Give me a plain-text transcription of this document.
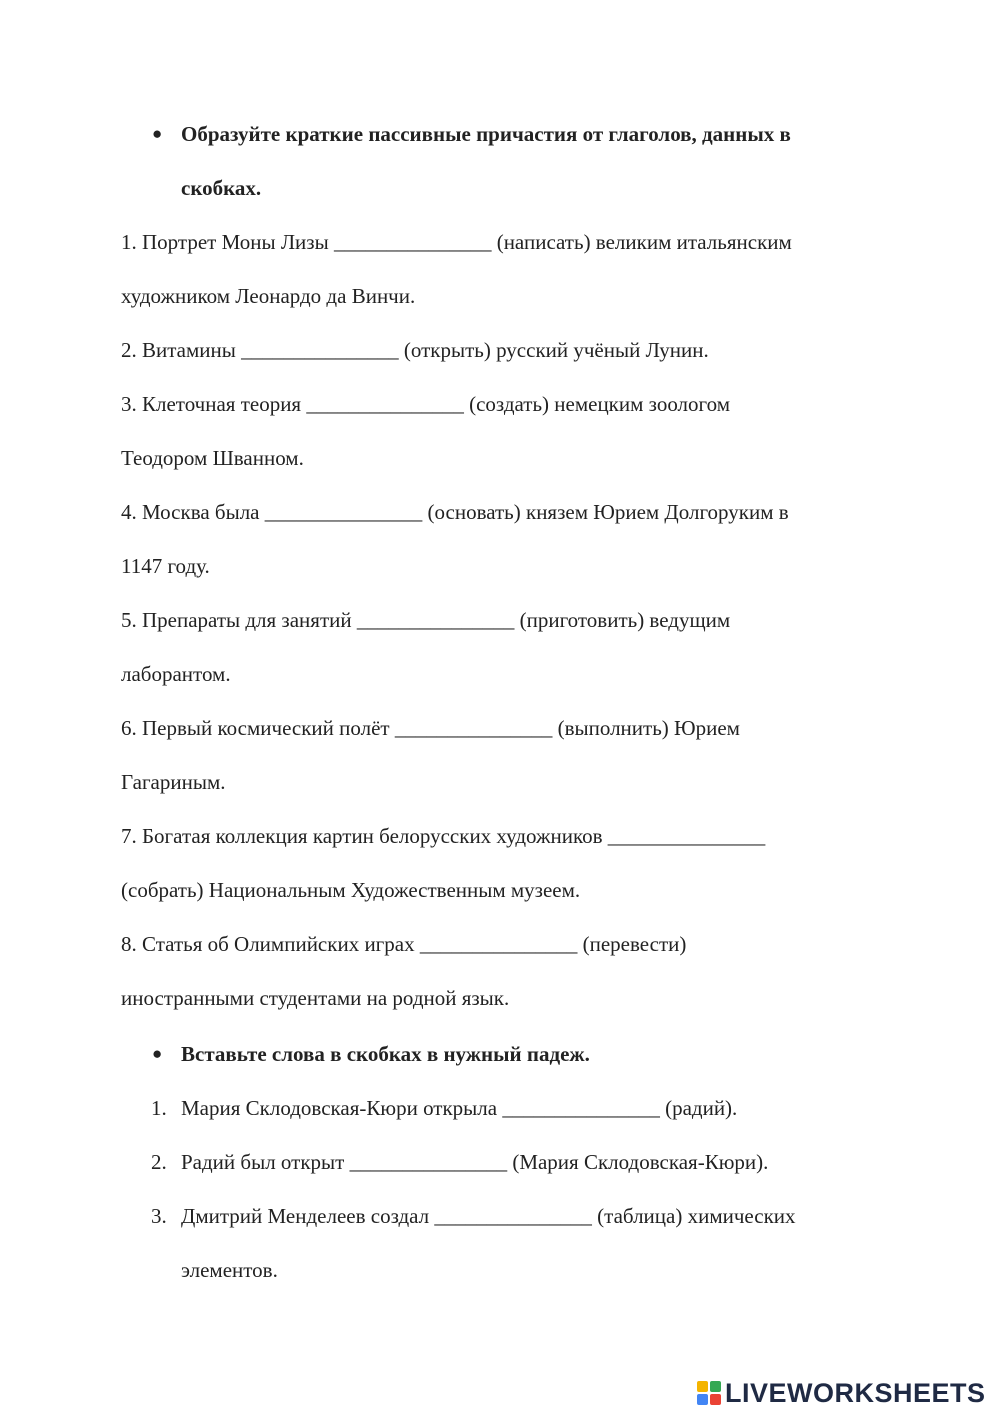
● Образуйте краткие пассивные причастия от глаголов, данных в
скобках.
1. Портрет Моны Лизы _______________ (написать) великим итальянским
художником Леонардо да Винчи.
2. Витамины _______________ (открыть) русский учёный Лунин.
3. Клеточная теория _______________ (создать) немецким зоологом
Теодором Шванном.
4. Москва была _______________ (основать) князем Юрием Долгоруким в
1147 году.
5. Препараты для занятий _______________ (приготовить) ведущим
лаборантом.
6. Первый космический полёт _______________ (выполнить) Юрием
Гагариным.
7. Богатая коллекция картин белорусских художников _______________
(собрать) Национальным Художественным музеем.
8. Статья об Олимпийских играх _______________ (перевести)
иностранными студентами на родной язык.
● Вставьте слова в скобках в нужный падеж.
1. Мария Склодовская-Кюри открыла _______________ (радий).
2. Радий был открыт _______________ (Мария Склодовская-Кюри).
3. Дмитрий Менделеев создал _______________ (таблица) химических
элементов.
LIVEWORKSHEETS
